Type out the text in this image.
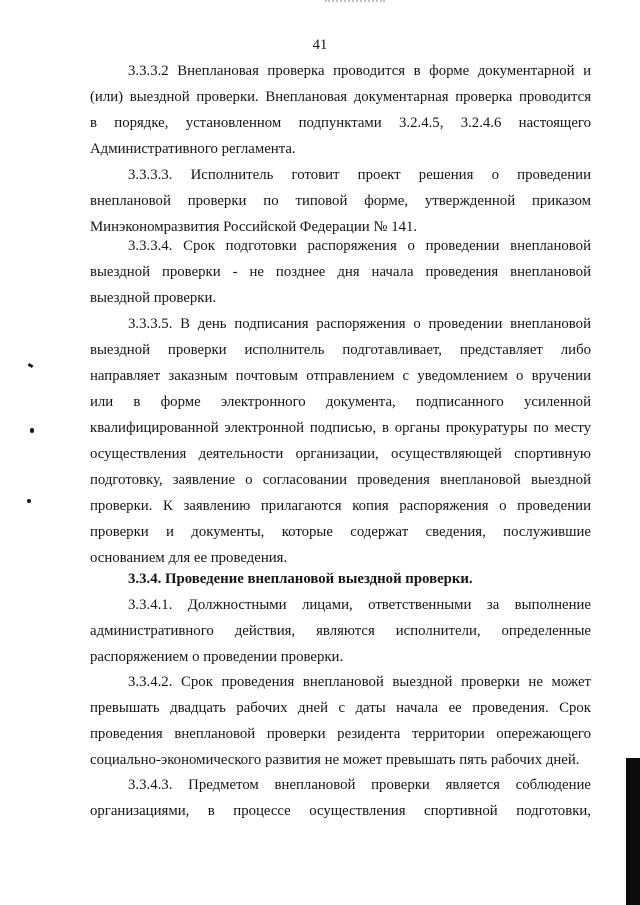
41
3.3.3.2 Внеплановая проверка проводится в форме документарной и
(или) выездной проверки. Внеплановая документарная проверка проводится
в порядке, установленном подпунктами 3.2.4.5, 3.2.4.6 настоящего
Административного регламента.
3.3.3.3. Исполнитель готовит проект решения о проведении
внеплановой проверки по типовой форме, утвержденной приказом
Минэкономразвития Российской Федерации № 141.
3.3.3.4. Срок подготовки распоряжения о проведении внеплановой
выездной проверки - не позднее дня начала проведения внеплановой
выездной проверки.
3.3.3.5. В день подписания распоряжения о проведении внеплановой
выездной проверки исполнитель подготавливает, представляет либо
направляет заказным почтовым отправлением с уведомлением о вручении
или в форме электронного документа, подписанного усиленной
квалифицированной электронной подписью, в органы прокуратуры по месту
осуществления деятельности организации, осуществляющей спортивную
подготовку, заявление о согласовании проведения внеплановой выездной
проверки. К заявлению прилагаются копия распоряжения о проведении
проверки и документы, которые содержат сведения, послужившие
основанием для ее проведения.
3.3.4. Проведение внеплановой выездной проверки.
3.3.4.1. Должностными лицами, ответственными за выполнение
административного действия, являются исполнители, определенные
распоряжением о проведении проверки.
3.3.4.2. Срок проведения внеплановой выездной проверки не может
превышать двадцать рабочих дней с даты начала ее проведения. Срок
проведения внеплановой проверки резидента территории опережающего
социально-экономического развития не может превышать пять рабочих дней.
3.3.4.3. Предметом внеплановой проверки является соблюдение
организациями, в процессе осуществления спортивной подготовки,
